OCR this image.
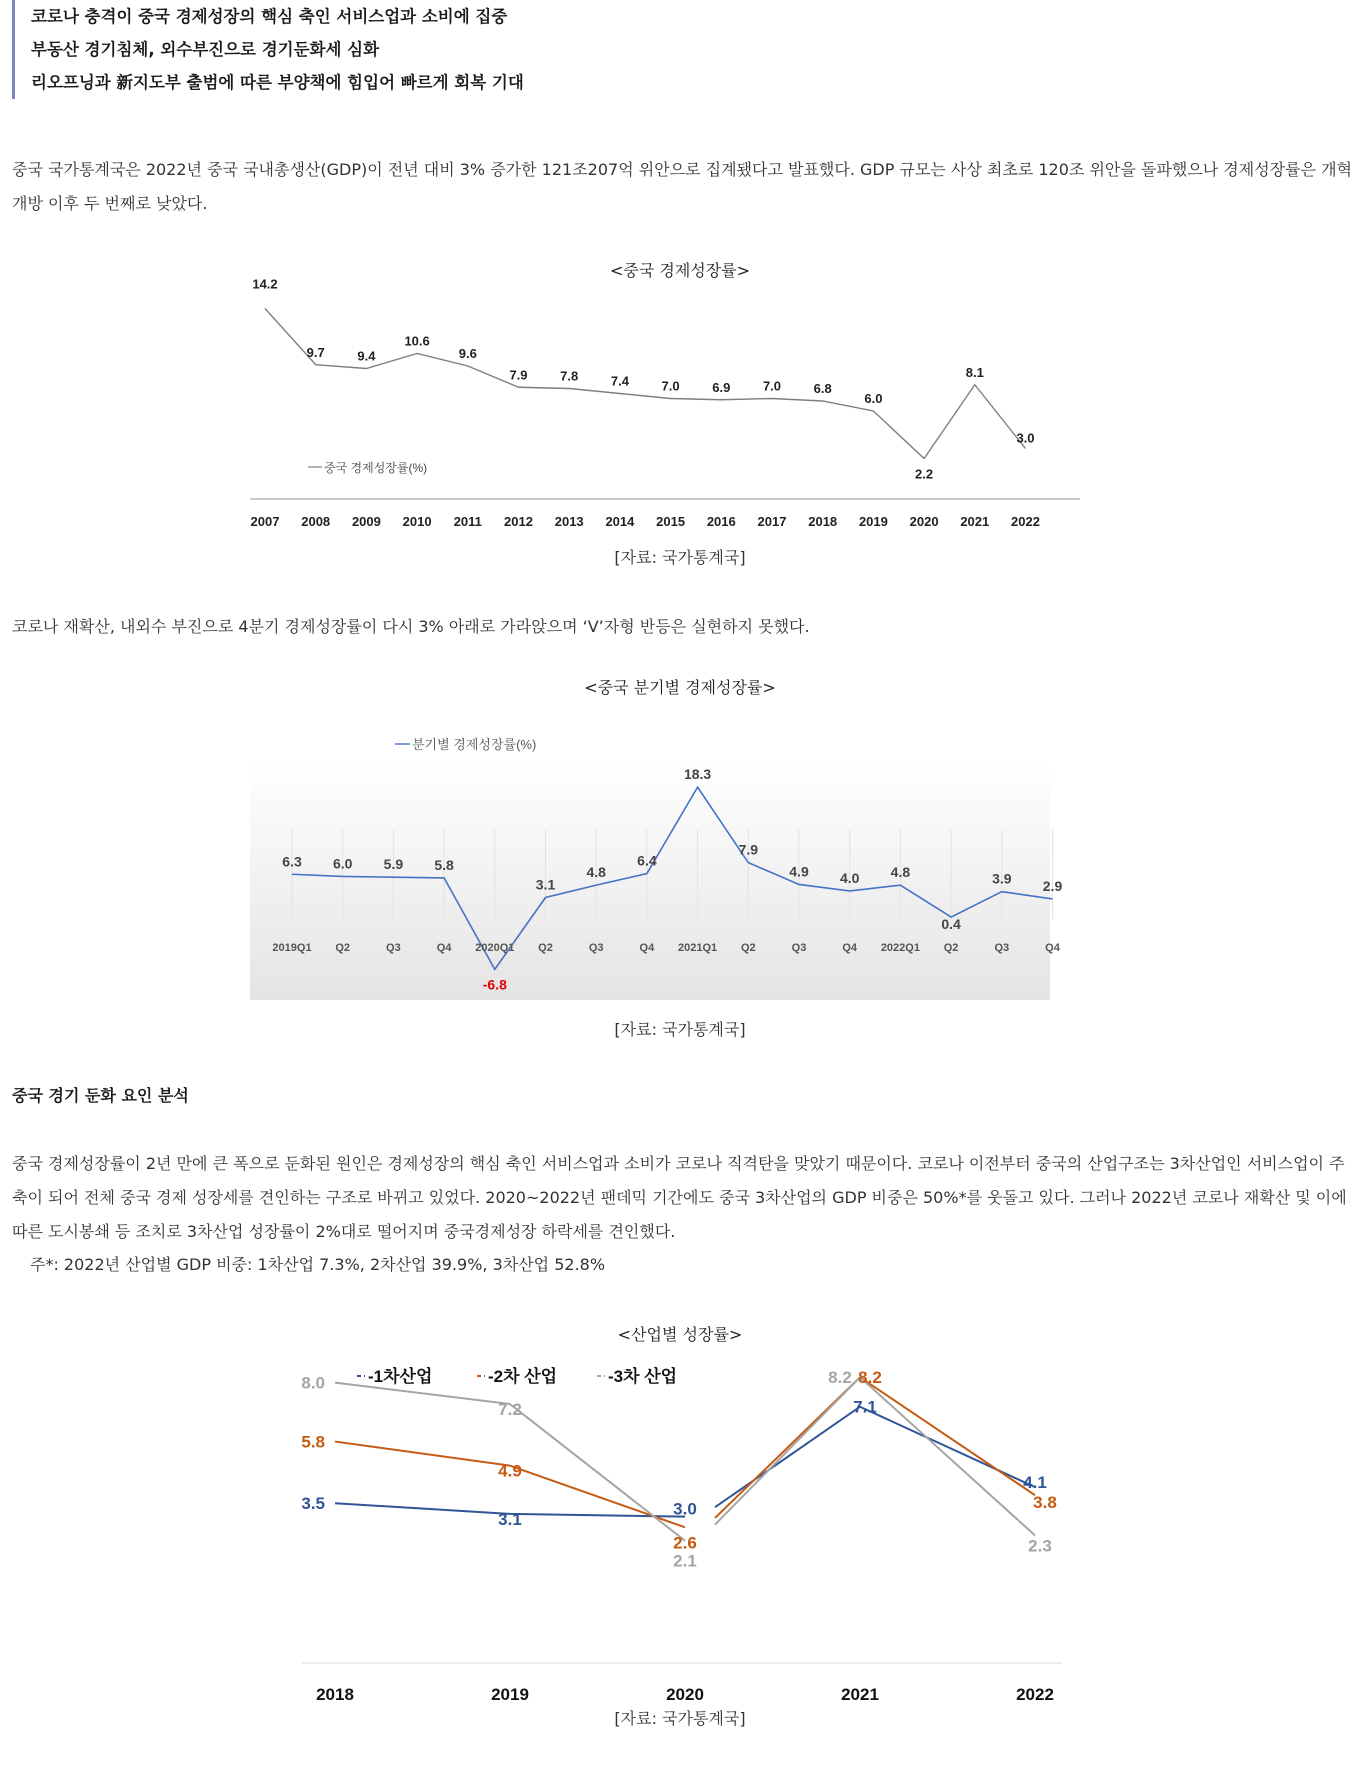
코로나 충격이 중국 경제성장의 핵심 축인 서비스업과 소비에 집중
부동산 경기침체, 외수부진으로 경기둔화세 심화
리오프닝과 新지도부 출범에 따른 부양책에 힘입어 빠르게 회복 기대
중국 국가통계국은 2022년 중국 국내총생산(GDP)이 전년 대비 3% 증가한 121조207억 위안으로 집계됐다고 발표했다. GDP 규모는 사상 최초로 120조 위안을 돌파했으나 경제성장률은 개혁개방 이후 두 번째로 낮았다.
<중국 경제성장률>
14.2
2007
9.7
2008
9.4
2009
10.6
2010
9.6
2011
7.9
2012
7.8
2013
7.4
2014
7.0
2015
6.9
2016
7.0
2017
6.8
2018
6.0
2019
2.2
2020
8.1
2021
3.0
2022
중국 경제성장률(%)
[자료: 국가통계국]
코로나 재확산, 내외수 부진으로 4분기 경제성장률이 다시 3% 아래로 가라앉으며 ‘V’자형 반등은 실현하지 못했다.
<중국 분기별 경제성장률>
6.3
2019Q1
6.0
Q2
5.9
Q3
5.8
Q4
-6.8
2020Q1
3.1
Q2
4.8
Q3
6.4
Q4
18.3
2021Q1
7.9
Q2
4.9
Q3
4.0
Q4
4.8
2022Q1
0.4
Q2
3.9
Q3
2.9
Q4
분기별 경제성장률(%)
[자료: 국가통계국]
중국 경기 둔화 요인 분석
중국 경제성장률이 2년 만에 큰 폭으로 둔화된 원인은 경제성장의 핵심 축인 서비스업과 소비가 코로나 직격탄을 맞았기 때문이다. 코로나 이전부터 중국의 산업구조는 3차산업인 서비스업이 주축이 되어 전체 중국 경제 성장세를 견인하는 구조로 바뀌고 있었다. 2020~2022년 팬데믹 기간에도 중국 3차산업의 GDP 비중은 50%*를 웃돌고 있다. 그러나 2022년 코로나 재확산 및 이에 따른 도시봉쇄 등 조치로 3차산업 성장률이 2%대로 떨어지며 중국경제성장 하락세를 견인했다.
주*: 2022년 산업별 GDP 비중: 1차산업 7.3%, 2차산업 39.9%, 3차산업 52.8%
<산업별 성장률>
3.5
3.1
3.0
7.1
4.1
5.8
4.9
2.6
8.2
3.8
8.0
7.2
2.1
8.2
2.3
2018	2019	2020	2021	2022
-1차산업	-2차 산업	-3차 산업
[자료: 국가통계국]
